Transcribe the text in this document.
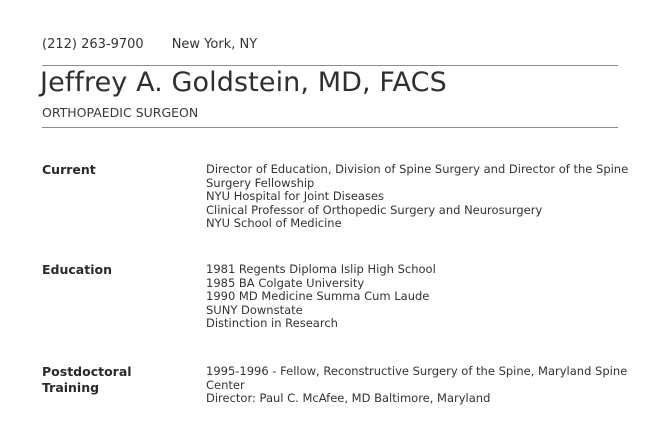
(212) 263-9700 New York, NY
Jeffrey A. Goldstein, MD, FACS
ORTHOPAEDIC SURGEON
Current	Director of Education, Division of Spine Surgery and Director of the Spine
Surgery Fellowship
NYU Hospital for Joint Diseases
Clinical Professor of Orthopedic Surgery and Neurosurgery
NYU School of Medicine
Education	1981 Regents Diploma Islip High School
1985 BA Colgate University
1990 MD Medicine Summa Cum Laude
SUNY Downstate
Distinction in Research
Postdoctoral
Training
1995-1996 - Fellow, Reconstructive Surgery of the Spine, Maryland Spine
Center
Director: Paul C. McAfee, MD Baltimore, Maryland
